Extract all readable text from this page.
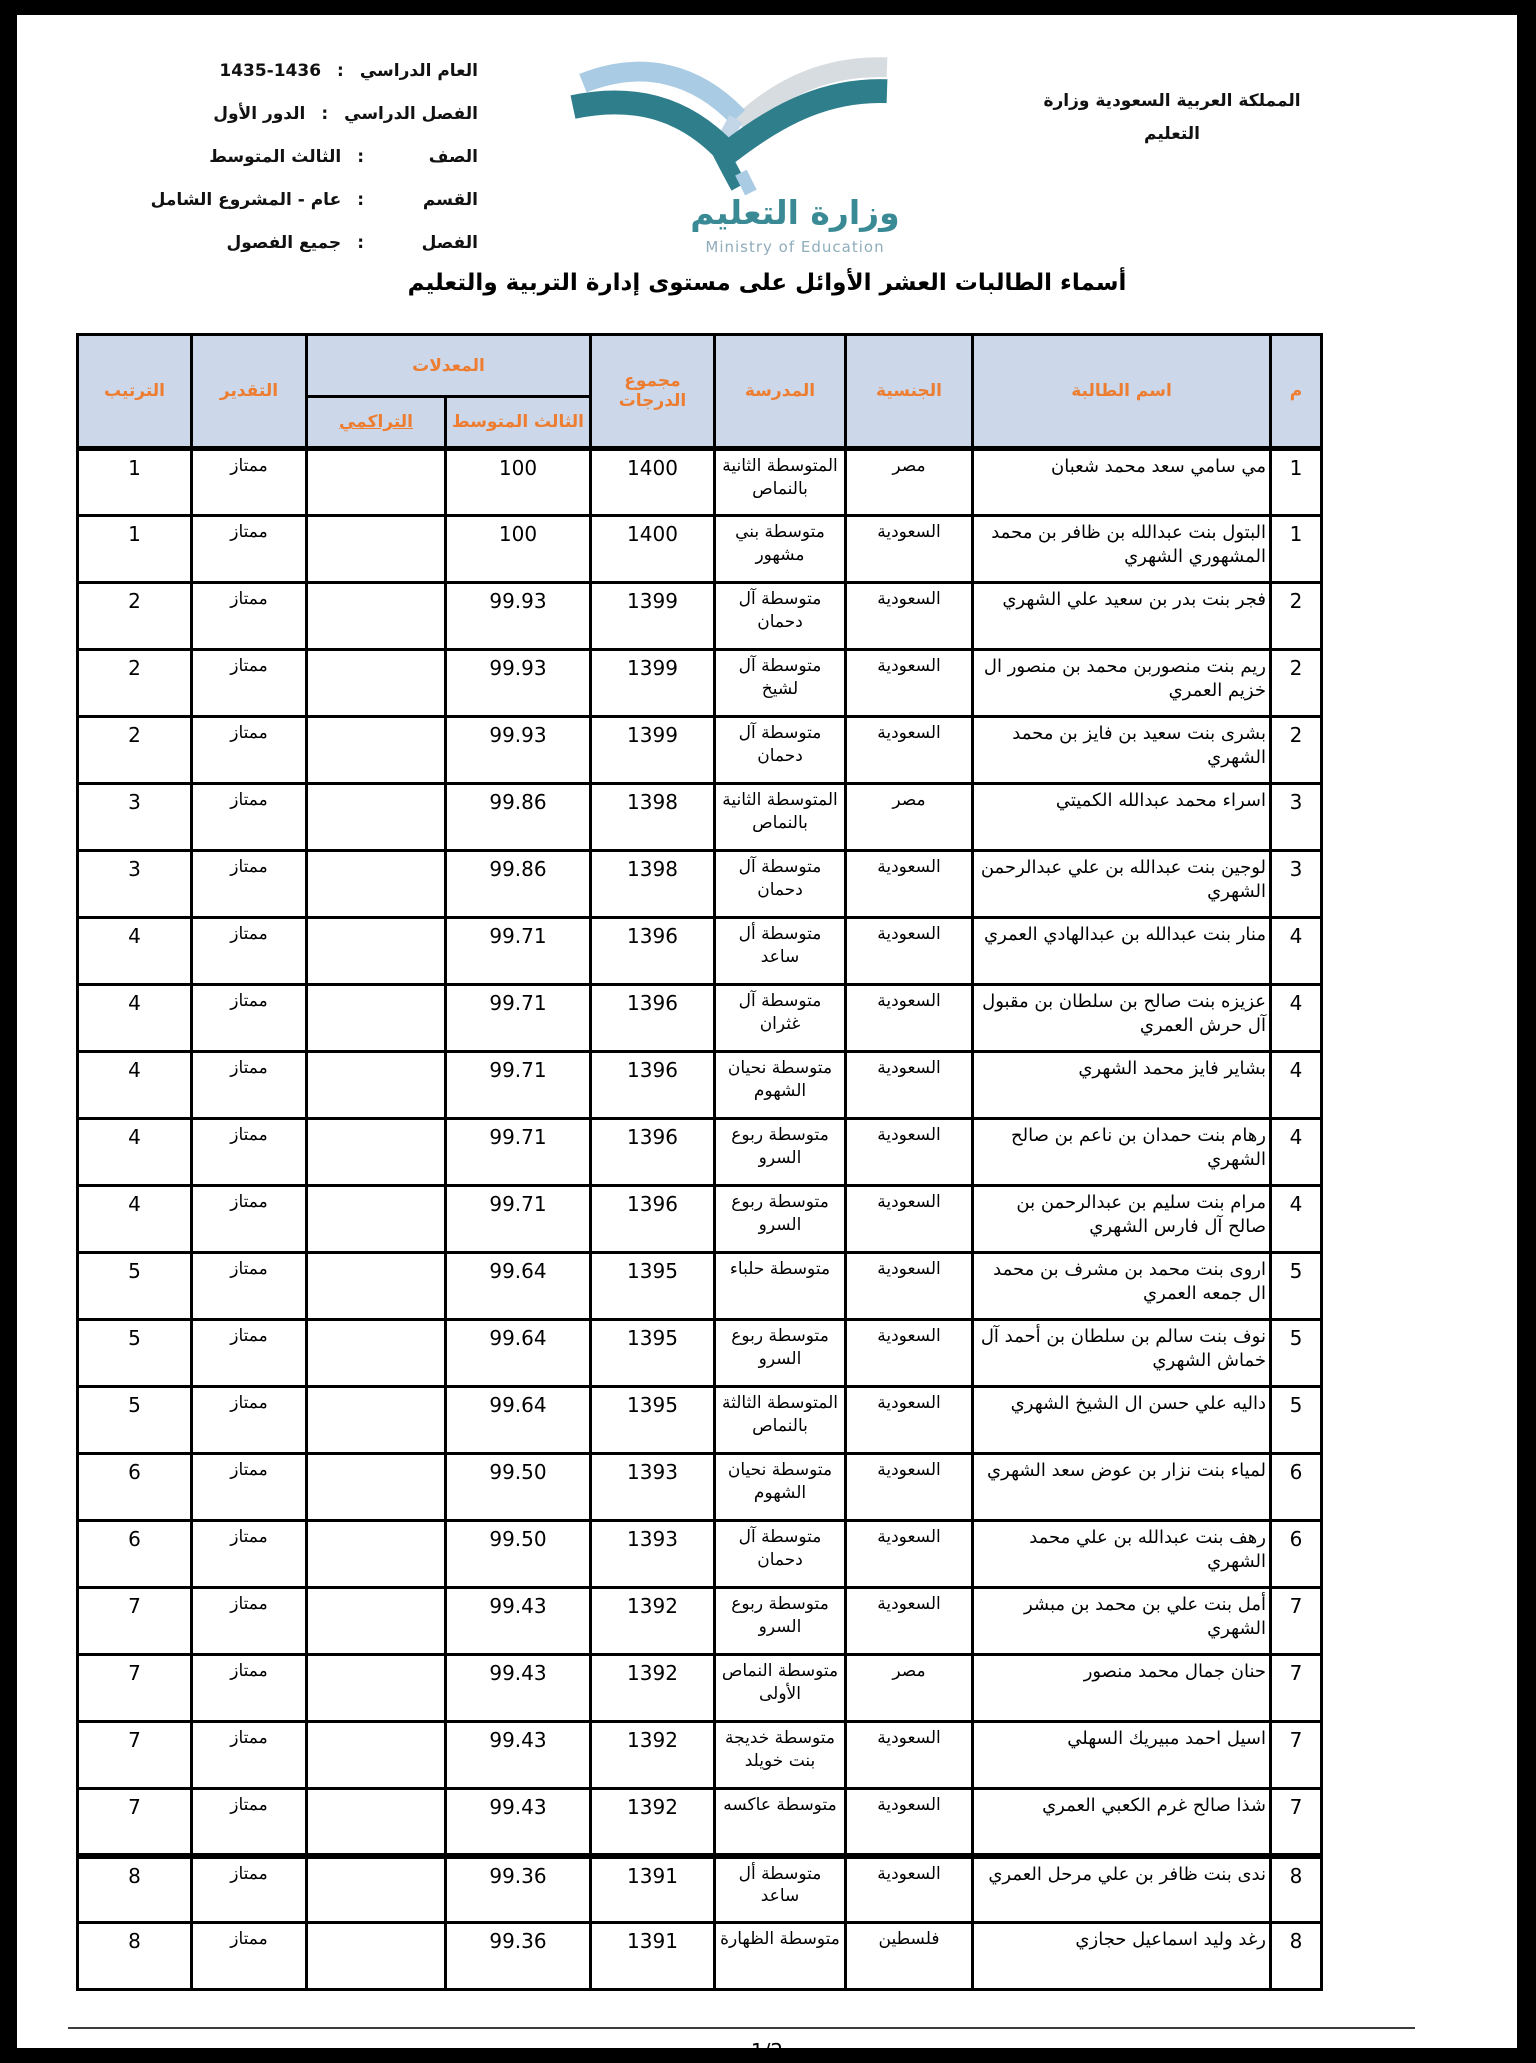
المملكة العربية السعودية وزارة
التعليم
وزارة التعليم
Ministry of Education
العام الدراسي
:
1435-1436
الفصل الدراسي
:
الدور الأول
الصف
:
الثالث المتوسط
القسم
:
عام - المشروع الشامل
الفصل
:
جميع الفصول
أسماء الطالبات العشر الأوائل على مستوى إدارة التربية والتعليم
م	اسم الطالبة	الجنسية	المدرسة	مجموع الدرجات	المعدلات		التقدير	الترتيب
					الثالث المتوسط	التراكمي		
1	مي سامي سعد محمد شعبان	مصر	المتوسطة الثانية بالنماص	1400	100		ممتاز	1
1	البتول بنت عبدالله بن ظافر بن محمد المشهوري الشهري	السعودية	متوسطة بني مشهور	1400	100		ممتاز	1
2	فجر بنت بدر بن سعيد علي الشهري	السعودية	متوسطة آل دحمان	1399	99.93		ممتاز	2
2	ريم بنت منصوربن محمد بن منصور ال خزيم العمري	السعودية	متوسطة آل لشيخ	1399	99.93		ممتاز	2
2	بشرى بنت سعيد بن فايز بن محمد الشهري	السعودية	متوسطة آل دحمان	1399	99.93		ممتاز	2
3	اسراء محمد عبدالله الكميتي	مصر	المتوسطة الثانية بالنماص	1398	99.86		ممتاز	3
3	لوجين بنت عبدالله بن علي عبدالرحمن الشهري	السعودية	متوسطة آل دحمان	1398	99.86		ممتاز	3
4	منار بنت عبدالله بن عبدالهادي العمري	السعودية	متوسطة أل ساعد	1396	99.71		ممتاز	4
4	عزيزه بنت صالح بن سلطان بن مقبول آل حرش العمري	السعودية	متوسطة آل غثران	1396	99.71		ممتاز	4
4	بشاير فايز محمد الشهري	السعودية	متوسطة نحيان الشهوم	1396	99.71		ممتاز	4
4	رهام بنت حمدان بن ناعم بن صالح الشهري	السعودية	متوسطة ربوع السرو	1396	99.71		ممتاز	4
4	مرام بنت سليم بن عبدالرحمن بن صالح آل فارس الشهري	السعودية	متوسطة ربوع السرو	1396	99.71		ممتاز	4
5	اروى بنت محمد بن مشرف بن محمد ال جمعه العمري	السعودية	متوسطة حلباء	1395	99.64		ممتاز	5
5	نوف بنت سالم بن سلطان بن أحمد آل خماش الشهري	السعودية	متوسطة ربوع السرو	1395	99.64		ممتاز	5
5	داليه علي حسن ال الشيخ الشهري	السعودية	المتوسطة الثالثة بالنماص	1395	99.64		ممتاز	5
6	لمياء بنت نزار بن عوض سعد الشهري	السعودية	متوسطة نحيان الشهوم	1393	99.50		ممتاز	6
6	رهف بنت عبدالله بن علي محمد الشهري	السعودية	متوسطة آل دحمان	1393	99.50		ممتاز	6
7	أمل بنت علي بن محمد بن مبشر الشهري	السعودية	متوسطة ربوع السرو	1392	99.43		ممتاز	7
7	حنان جمال محمد منصور	مصر	متوسطة النماص الأولى	1392	99.43		ممتاز	7
7	اسيل احمد مبيريك السهلي	السعودية	متوسطة خديجة بنت خويلد	1392	99.43		ممتاز	7
7	شذا صالح غرم الكعبي العمري	السعودية	متوسطة عاكسه	1392	99.43		ممتاز	7
8	ندى بنت ظافر بن علي مرحل العمري	السعودية	متوسطة أل ساعد	1391	99.36		ممتاز	8
8	رغد وليد اسماعيل حجازي	فلسطين	متوسطة الظهارة	1391	99.36		ممتاز	8
1/2
